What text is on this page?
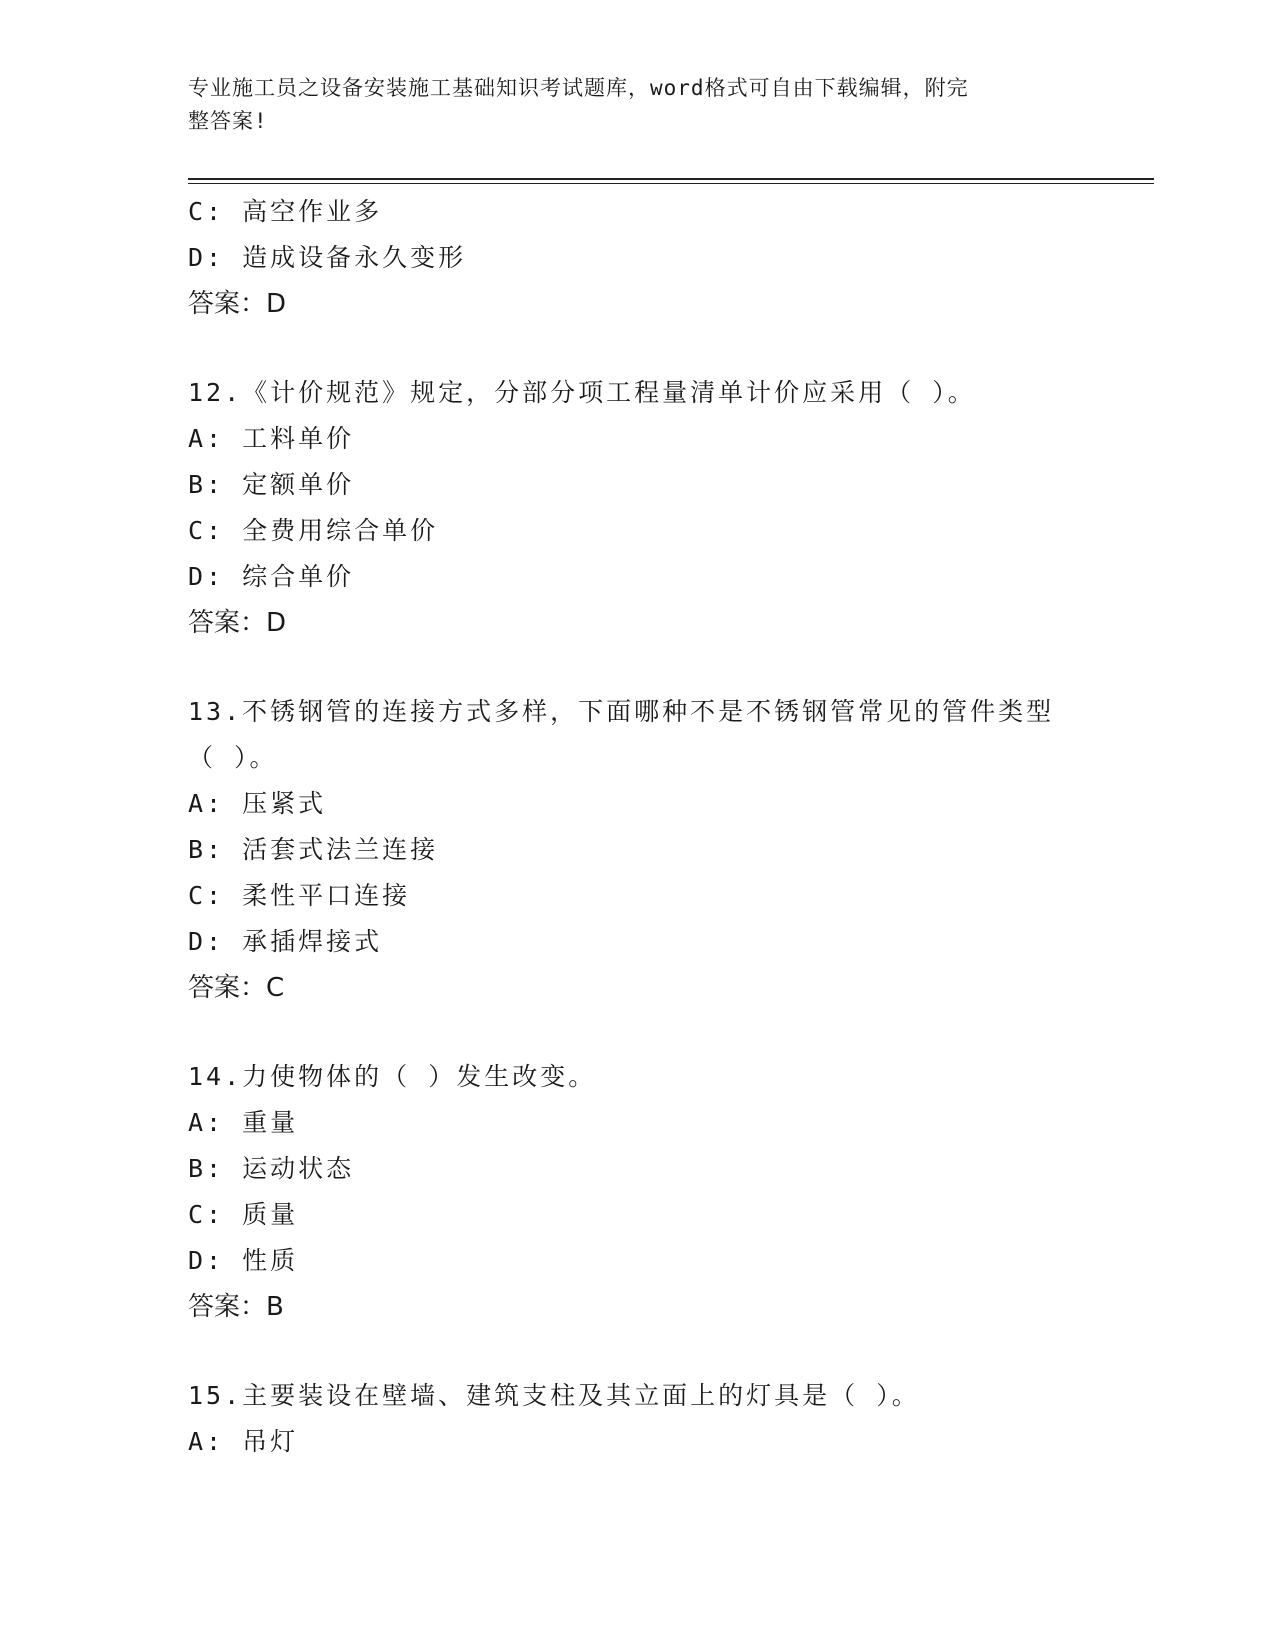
专业施工员之设备安装施工基础知识考试题库，word格式可自由下载编辑，附完
整答案!
C: 高空作业多
D: 造成设备永久变形
答案：D
12.《计价规范》规定，分部分项工程量清单计价应采用（ ）。
A: 工料单价
B: 定额单价
C: 全费用综合单价
D: 综合单价
答案：D
13.不锈钢管的连接方式多样，下面哪种不是不锈钢管常见的管件类型
（ ）。
A: 压紧式
B: 活套式法兰连接
C: 柔性平口连接
D: 承插焊接式
答案：C
14.力使物体的（ ）发生改变。
A: 重量
B: 运动状态
C: 质量
D: 性质
答案：B
15.主要装设在壁墙、建筑支柱及其立面上的灯具是（ ）。
A: 吊灯
